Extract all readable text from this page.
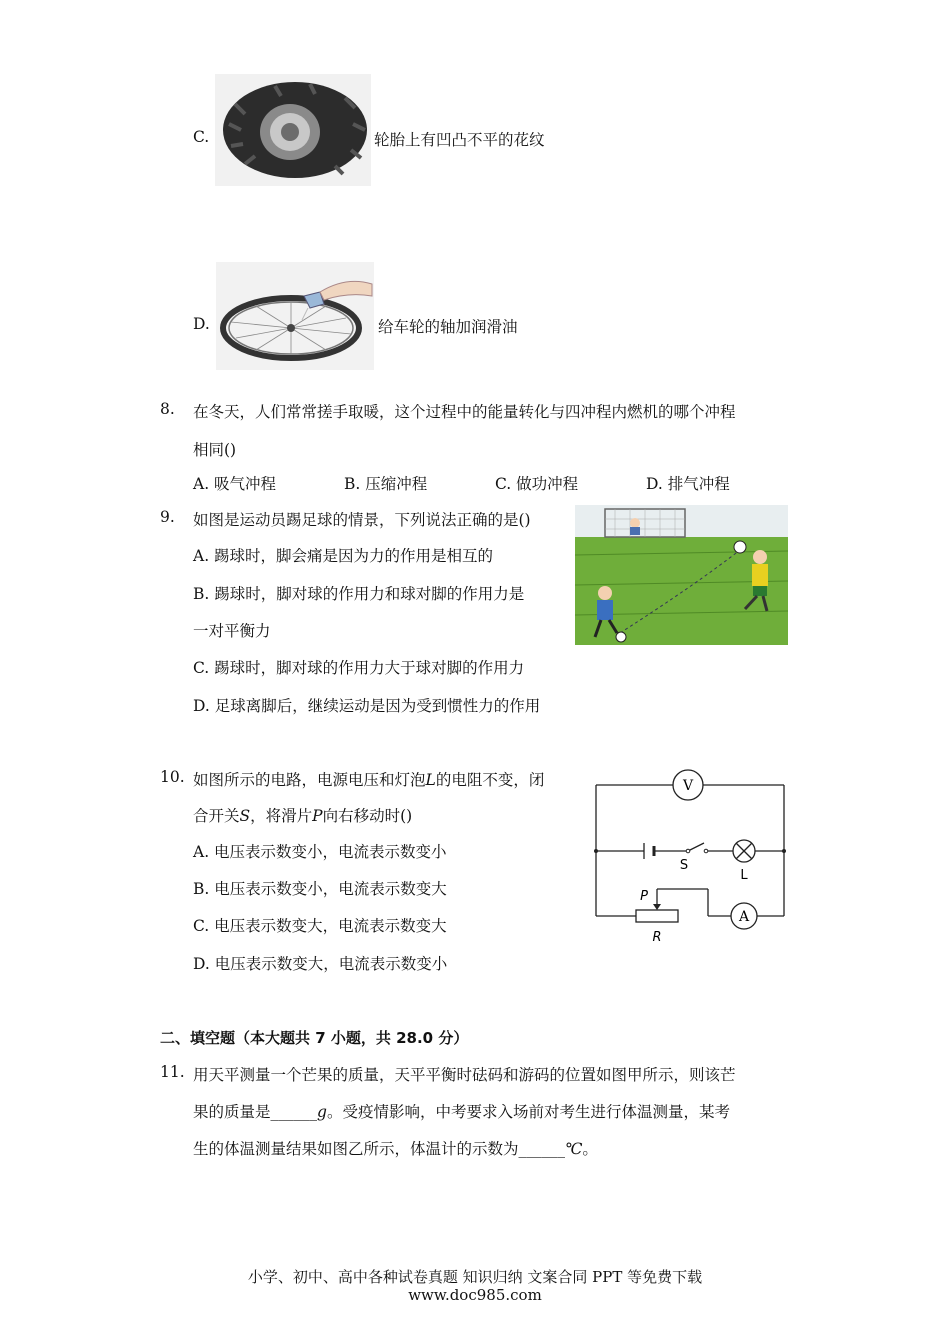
C.	轮胎上有凹凸不平的花纹
D.	给车轮的轴加润滑油
8. 在冬天，人们常常搓手取暖，这个过程中的能量转化与四冲程内燃机的哪个冲程
相同()
A. 吸气冲程	B. 压缩冲程	C. 做功冲程	D. 排气冲程
9. 如图是运动员踢足球的情景，下列说法正确的是()
A. 踢球时，脚会痛是因为力的作用是相互的
B. 踢球时，脚对球的作用力和球对脚的作用力是
一对平衡力
C. 踢球时，脚对球的作用力大于球对脚的作用力
D. 足球离脚后，继续运动是因为受到惯性力的作用
10. 如图所示的电路，电源电压和灯泡L的电阻不变，闭
合开关S，将滑片P向右移动时()
A. 电压表示数变小，电流表示数变小
B. 电压表示数变小，电流表示数变大
C. 电压表示数变大，电流表示数变大
D. 电压表示数变大，电流表示数变小
V
A
S
L
P
R
二、填空题（本大题共 7 小题，共 28.0 分）
11. 用天平测量一个芒果的质量，天平平衡时砝码和游码的位置如图甲所示，则该芒
果的质量是______g。受疫情影响，中考要求入场前对考生进行体温测量，某考
生的体温测量结果如图乙所示，体温计的示数为______℃。
小学、初中、高中各种试卷真题 知识归纳 文案合同 PPT 等免费下载
www.doc985.com
